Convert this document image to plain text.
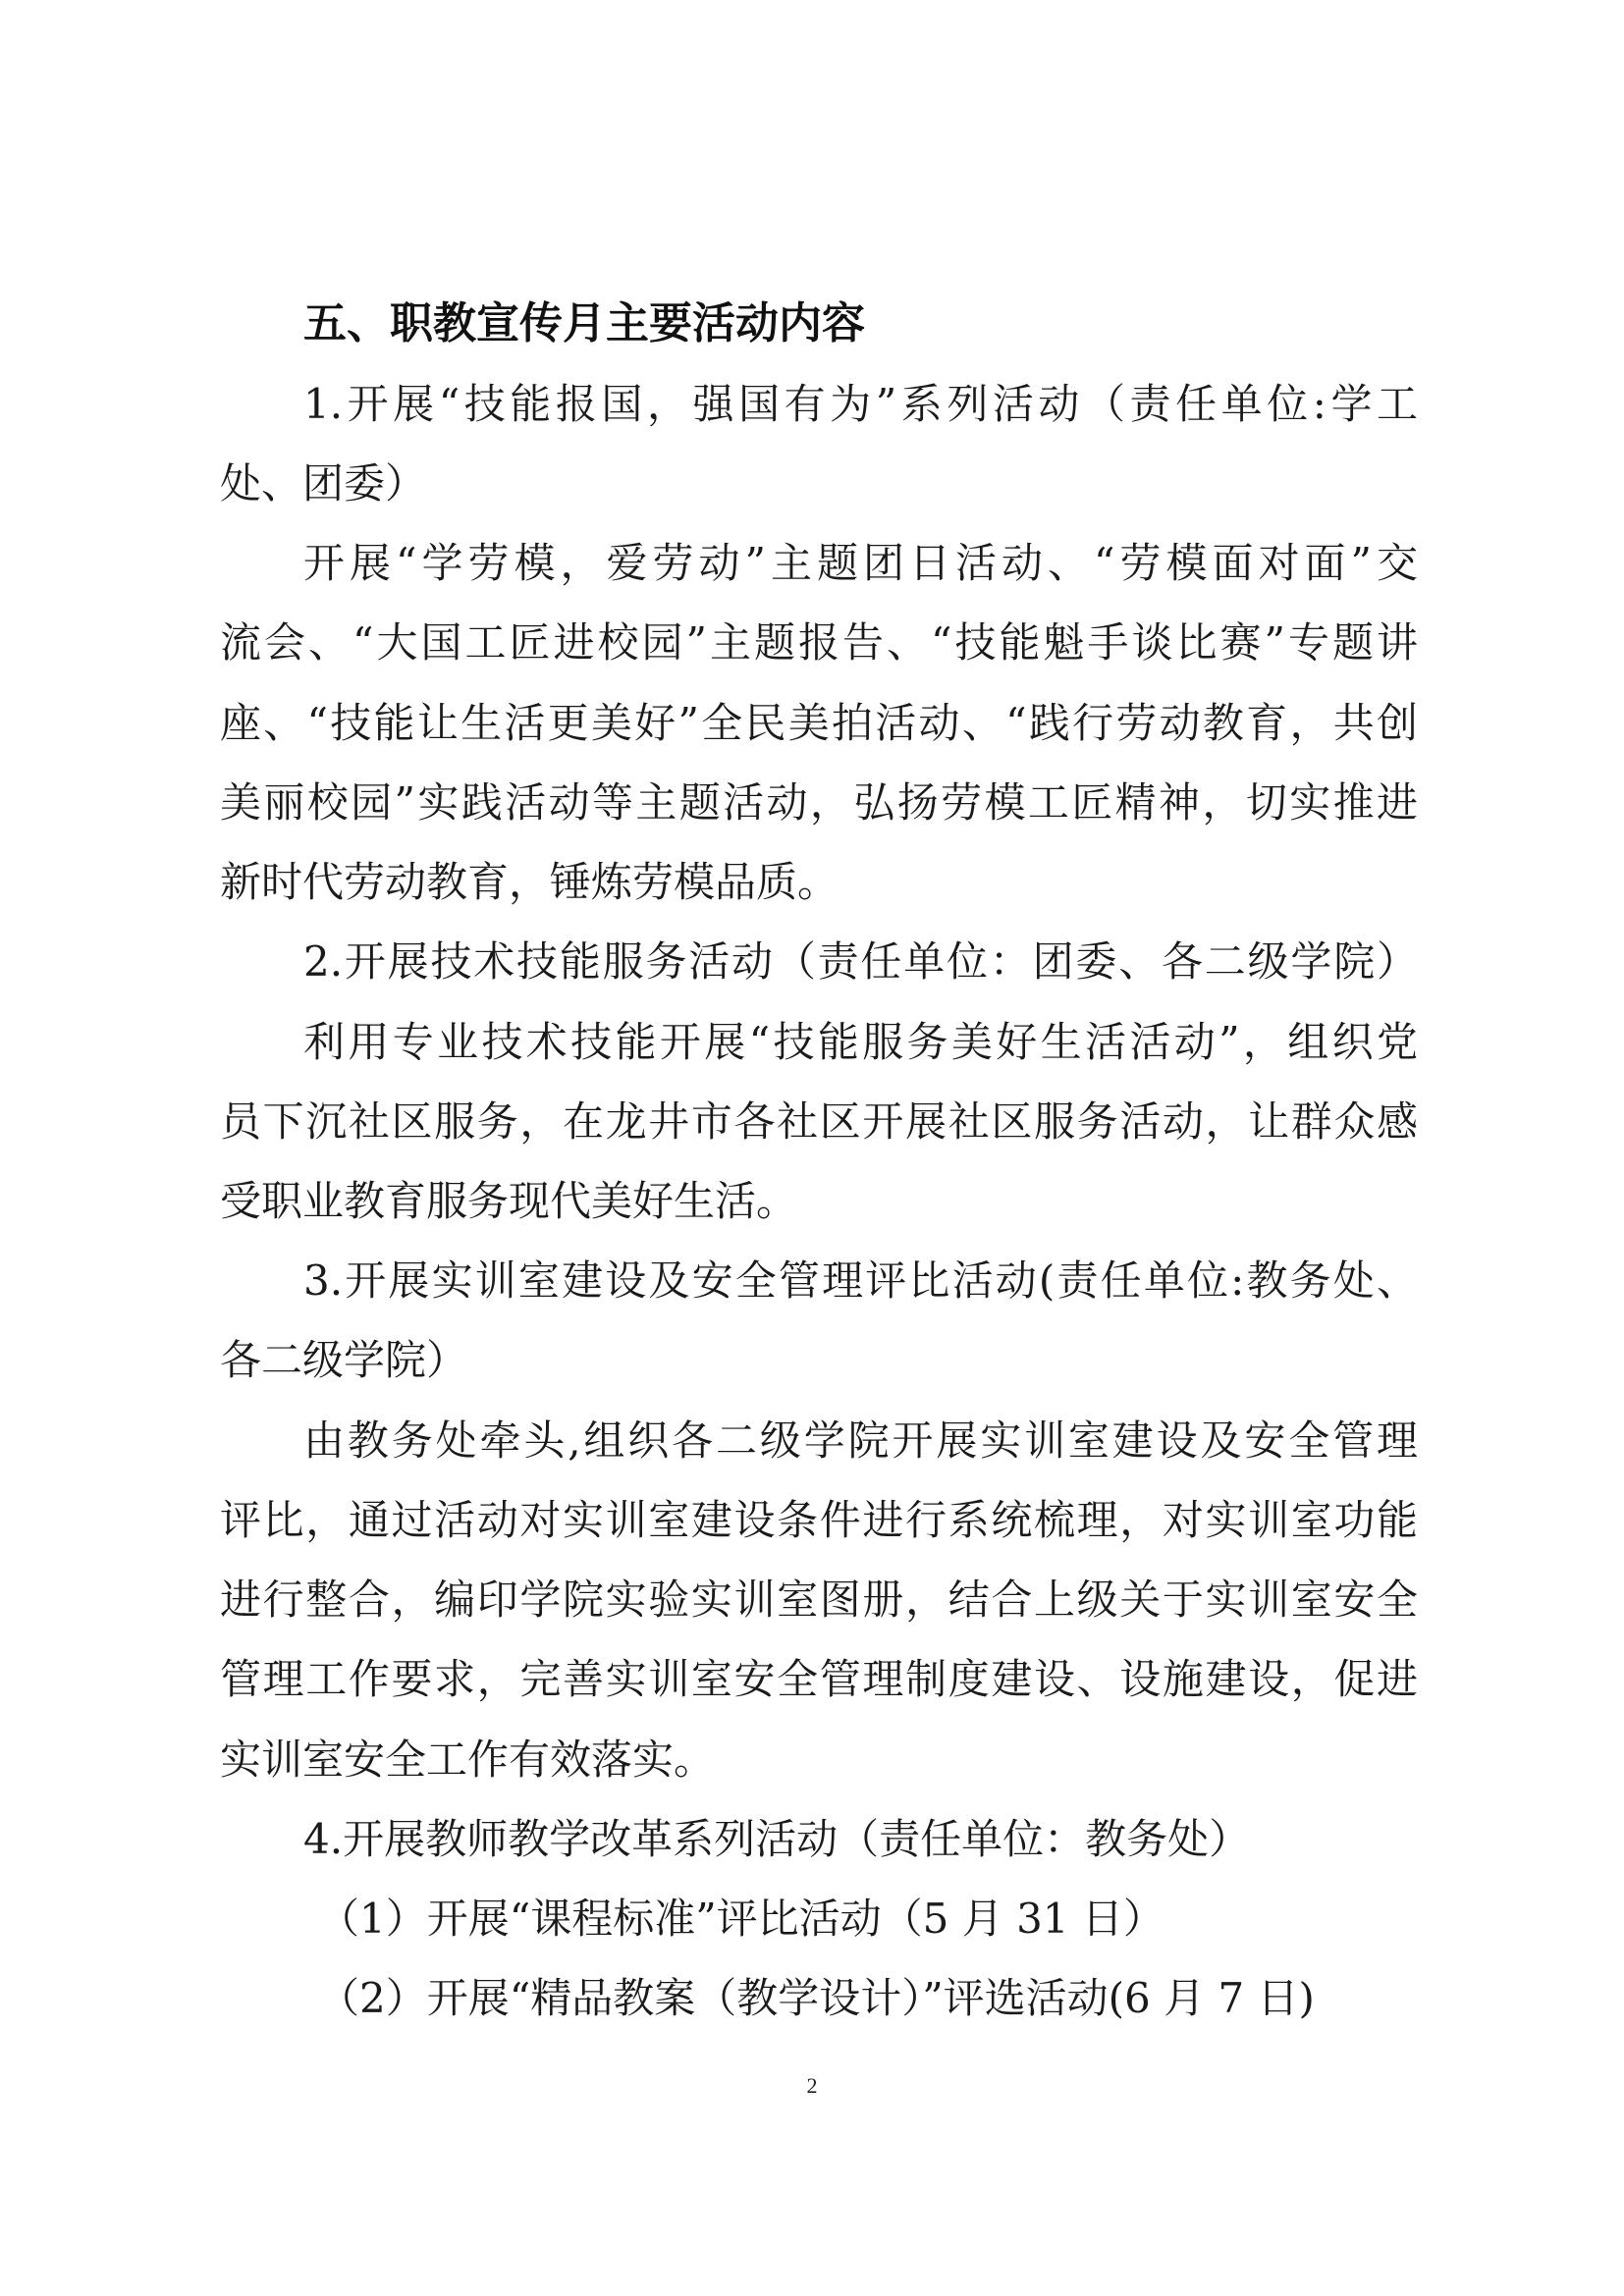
五、职教宣传月主要活动内容
1.开展“技能报国，强国有为”系列活动（责任单位:学工
处、团委）
开展“学劳模，爱劳动”主题团日活动、“劳模面对面”交
流会、“大国工匠进校园”主题报告、“技能魁手谈比赛”专题讲
座、“技能让生活更美好”全民美拍活动、“践行劳动教育，共创
美丽校园”实践活动等主题活动，弘扬劳模工匠精神，切实推进
新时代劳动教育，锤炼劳模品质。
2.开展技术技能服务活动（责任单位：团委、各二级学院）
利用专业技术技能开展“技能服务美好生活活动”，组织党
员下沉社区服务，在龙井市各社区开展社区服务活动，让群众感
受职业教育服务现代美好生活。
3.开展实训室建设及安全管理评比活动(责任单位:教务处、
各二级学院）
由教务处牵头,组织各二级学院开展实训室建设及安全管理
评比，通过活动对实训室建设条件进行系统梳理，对实训室功能
进行整合，编印学院实验实训室图册，结合上级关于实训室安全
管理工作要求，完善实训室安全管理制度建设、设施建设，促进
实训室安全工作有效落实。
4.开展教师教学改革系列活动（责任单位：教务处）
（1）开展“课程标准”评比活动（5 月 31 日）
（2）开展“精品教案（教学设计）”评选活动(6 月 7 日)
2
